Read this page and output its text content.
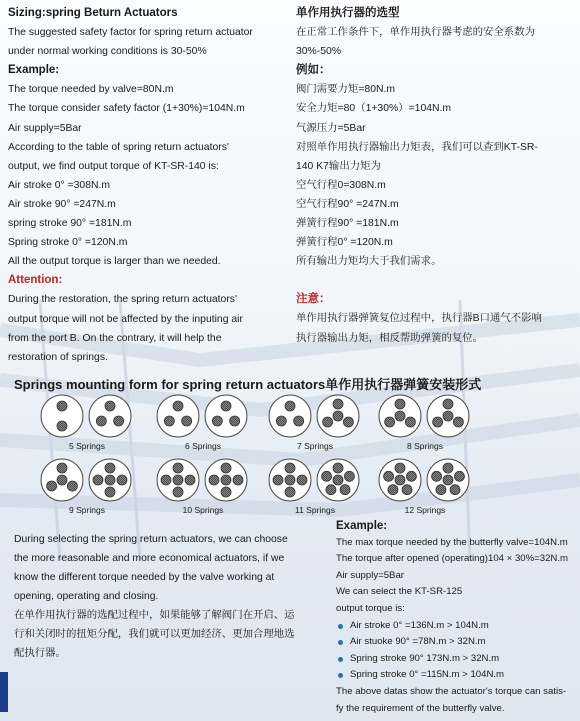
Sizing:spring Beturn Actuators

The suggested safety factor for spring return actuator

under normal working conditions is 30-50%

Example:

The torque needed by valve=80N.m

The torque consider safety factor (1+30%)=104N.m

Air supply=5Bar

According to the table of spring return actuators'

output, we find output torque of KT-SR-140 is:

Air stroke 0° =308N.m

Air stroke 90° =247N.m

spring stroke 90° =181N.m

Spring stroke 0° =120N.m

All the output torque is larger than we needed.

Attention:

During the restoration, the spring return actuators'

output torque will not be affected by the inputing air

from the port B. On the contrary, it will help the

restoration of springs.

单作用执行器的选型

在正常工作条件下，单作用执行器考虑的安全系数为

30%-50%

例如：

阀门需要力矩=80N.m

安全力矩=80（1+30%）=104N.m

气源压力=5Bar

对照单作用执行器输出力矩表，我们可以查到KT-SR-

140 K7输出力矩为

空气行程0=308N.m

空气行程90° =247N.m

弹簧行程90° =181N.m

弹簧行程0° =120N.m

所有输出力矩均大于我们需求。

注意：

单作用执行器弹簧复位过程中，执行器B口通气不影响

执行器输出力矩，相反帮助弹簧的复位。

Springs mounting form for spring return actuators单作用执行器弹簧安装形式
5 Springs	6 Springs	7 Springs	8 Springs
9 Springs	10 Springs	11 Springs	12 Springs

During selecting the spring return actuators, we can choose

the more reasonable and more economical actuators, if we

know the different torque needed by the valve working at

opening, operating and closing.

在单作用执行器的选配过程中，如果能够了解阀门在开启、运

行和关闭时的扭矩分配，我们就可以更加经济、更加合理地选

配执行器。

Example:

The max torque needed by the butterfly valve=104N.m

The torque after opened (operating)104 × 30%=32N.m

Air supply=5Bar

We can select the KT-SR-125

output torque is:

Air stroke 0° =136N.m > 104N.m
Air stuoke 90° =78N.m > 32N.m
Spring stroke 90° 173N.m > 32N.m
Spring stroke 0° =115N.m > 104N.m

The above datas show the actuator's torque can satis-

fy the requirement of the butterfly valve.
